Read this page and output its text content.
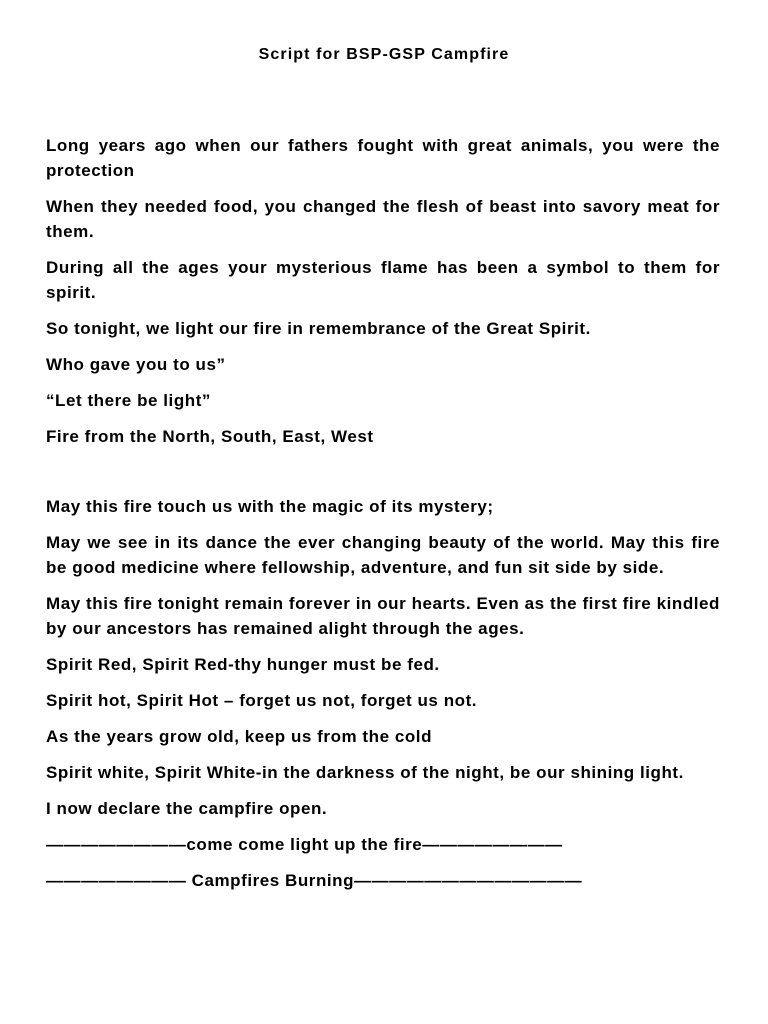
Script for BSP-GSP Campfire

Long years ago when our fathers fought with great animals, you were the protection

When they needed food, you changed the flesh of beast into savory meat for them.

During all the ages your mysterious flame has been a symbol to them for spirit.

So tonight, we light our fire in remembrance of the Great Spirit.

Who gave you to us”

“Let there be light”

Fire from the North, South, East, West

May this fire touch us with the magic of its mystery;

May we see in its dance the ever changing beauty of the world. May this fire be good medicine where fellowship, adventure, and fun sit side by side.

May this fire tonight remain forever in our hearts. Even as the first fire kindled by our ancestors has remained alight through the ages.

Spirit Red, Spirit Red-thy hunger must be fed.

Spirit hot, Spirit Hot – forget us not, forget us not.

As the years grow old, keep us from the cold

Spirit white, Spirit White-in the darkness of the night, be our shining light.

I now declare the campfire open.

————————come come light up the fire————————

———————— Campfires Burning—————————————
